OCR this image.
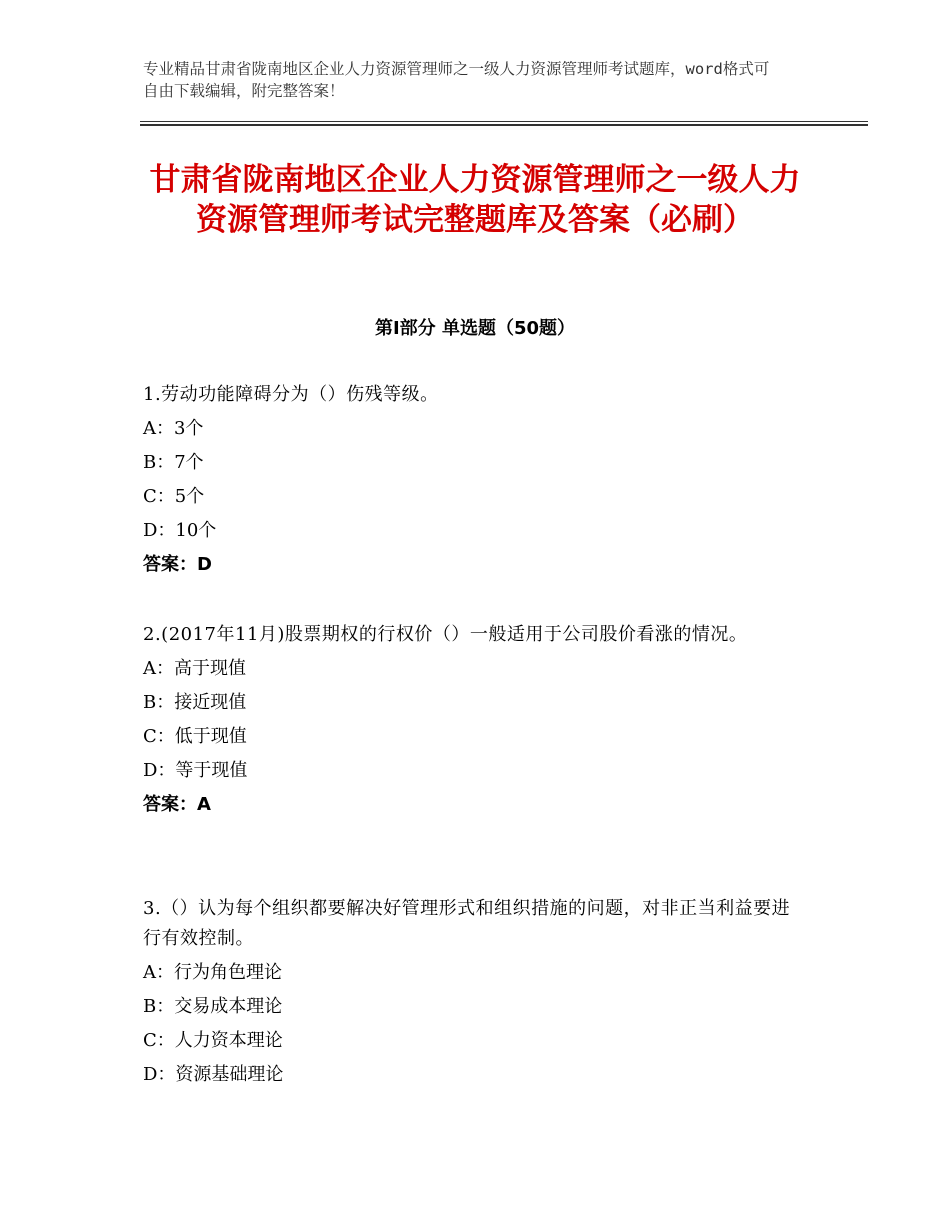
专业精品甘肃省陇南地区企业人力资源管理师之一级人力资源管理师考试题库，word格式可自由下载编辑，附完整答案！
甘肃省陇南地区企业人力资源管理师之一级人力资源管理师考试完整题库及答案（必刷）
第Ⅰ部分 单选题（50题）

1.劳动功能障碍分为（）伤残等级。

A：3个
B：7个
C：5个
D：10个
答案：D

2.(2017年11月)股票期权的行权价（）一般适用于公司股价看涨的情况。

A：高于现值
B：接近现值
C：低于现值
D：等于现值
答案：A

3.（）认为每个组织都要解决好管理形式和组织措施的问题，对非正当利益要进行有效控制。

A：行为角色理论
B：交易成本理论
C：人力资本理论
D：资源基础理论
